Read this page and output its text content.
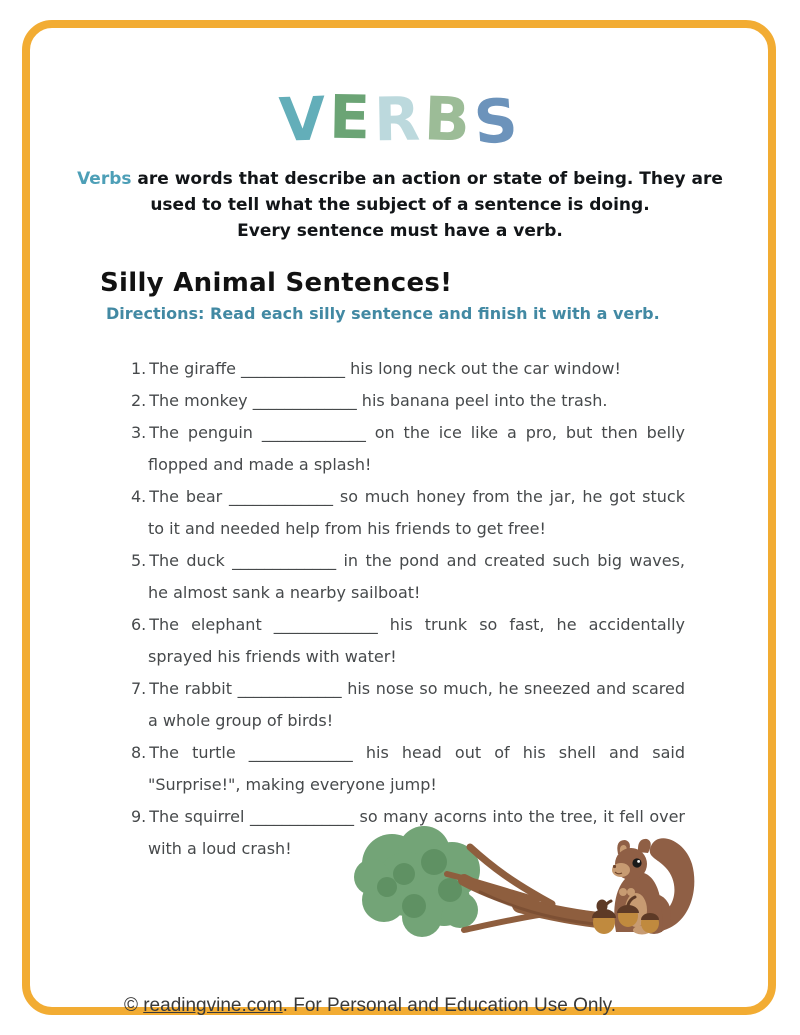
VERBS
Verbs are words that describe an action or state of being. They are
used to tell what the subject of a sentence is doing.
Every sentence must have a verb.
Silly Animal Sentences!
Directions: Read each silly sentence and finish it with a verb.
1. The giraffe _____________ his long neck out the car window!
2. The monkey _____________ his banana peel into the trash.
3. The penguin _____________ on the ice like a pro, but then belly flopped and made a splash!
4. The bear _____________ so much honey from the jar, he got stuck to it and needed help from his friends to get free!
5. The duck _____________ in the pond and created such big waves, he almost sank a nearby sailboat!
6. The elephant _____________ his trunk so fast, he accidentally sprayed his friends with water!
7. The rabbit _____________ his nose so much, he sneezed and scared a whole group of birds!
8. The turtle _____________ his head out of his shell and said "Surprise!", making everyone jump!
9. The squirrel _____________ so many acorns into the tree, it fell over with a loud crash!
© readingvine.com. For Personal and Education Use Only.
